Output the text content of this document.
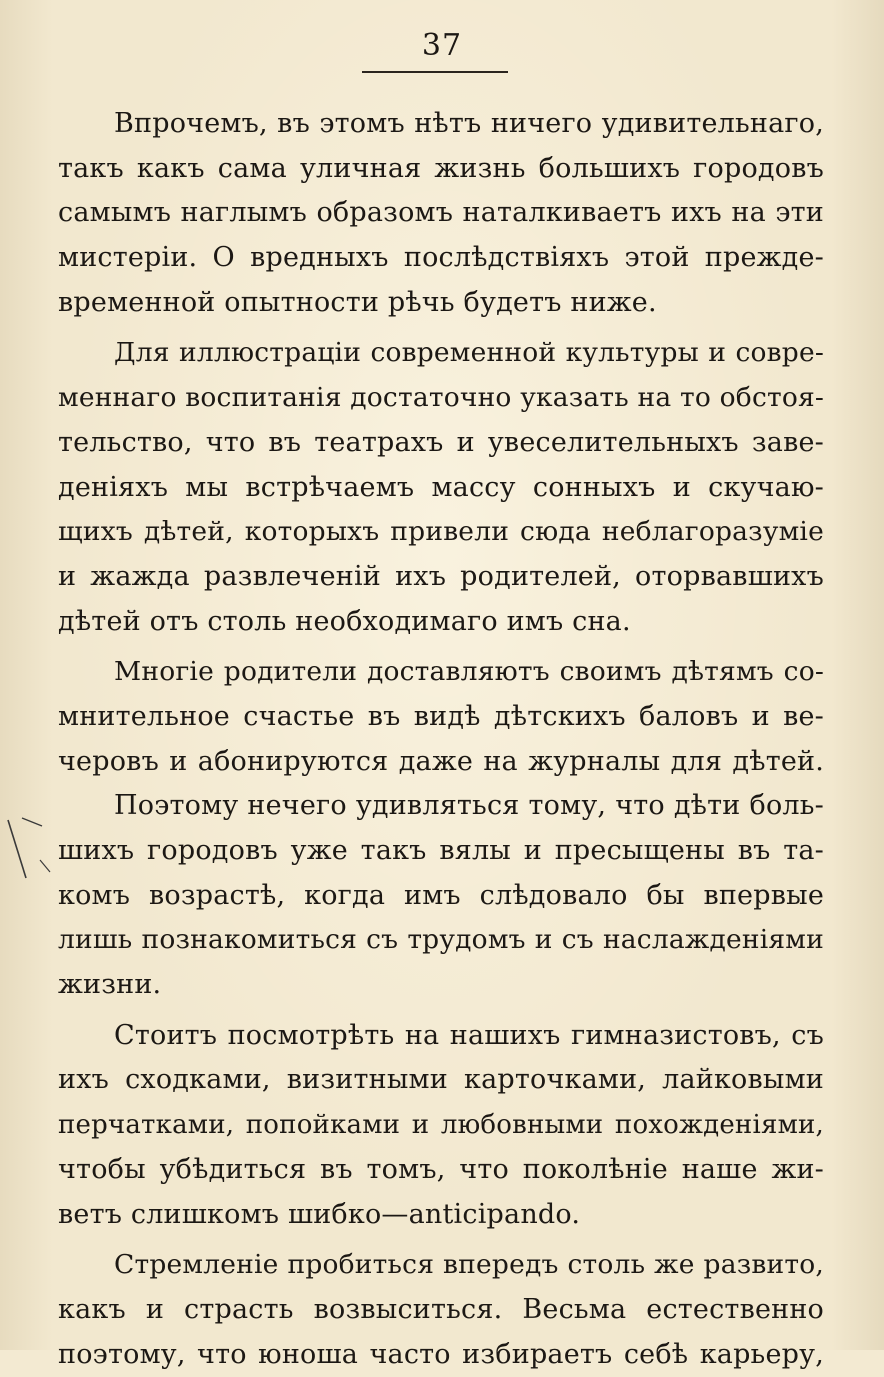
37
Впрочемъ, въ этомъ нѣтъ ничего удивительнаго,
такъ какъ сама уличная жизнь большихъ городовъ
самымъ наглымъ образомъ наталкиваетъ ихъ на эти
мистеріи. О вредныхъ послѣдствіяхъ этой прежде-
временной опытности рѣчь будетъ ниже.
Для иллюстраціи современной культуры и совре-
меннаго воспитанія достаточно указать на то обстоя-
тельство, что въ театрахъ и увеселительныхъ заве-
деніяхъ мы встрѣчаемъ массу сонныхъ и скучаю-
щихъ дѣтей, которыхъ привели сюда неблагоразуміе
и жажда развлеченій ихъ родителей, оторвавшихъ
дѣтей отъ столь необходимаго имъ сна.
Многіе родители доставляютъ своимъ дѣтямъ со-
мнительное счастье въ видѣ дѣтскихъ баловъ и ве-
черовъ и абонируются даже на журналы для дѣтей.
Поэтому нечего удивляться тому, что дѣти боль-
шихъ городовъ уже такъ вялы и пресыщены въ та-
комъ возрастѣ, когда имъ слѣдовало бы впервые
лишь познакомиться съ трудомъ и съ наслажденіями
жизни.
Стоитъ посмотрѣть на нашихъ гимназистовъ, съ
ихъ сходками, визитными карточками, лайковыми
перчатками, попойками и любовными похожденіями,
чтобы убѣдиться въ томъ, что поколѣніе наше жи-
ветъ слишкомъ шибко—anticipando.
Стремленіе пробиться впередъ столь же развито,
какъ и страсть возвыситься. Весьма естественно
поэтому, что юноша часто избираетъ себѣ карьеру,
